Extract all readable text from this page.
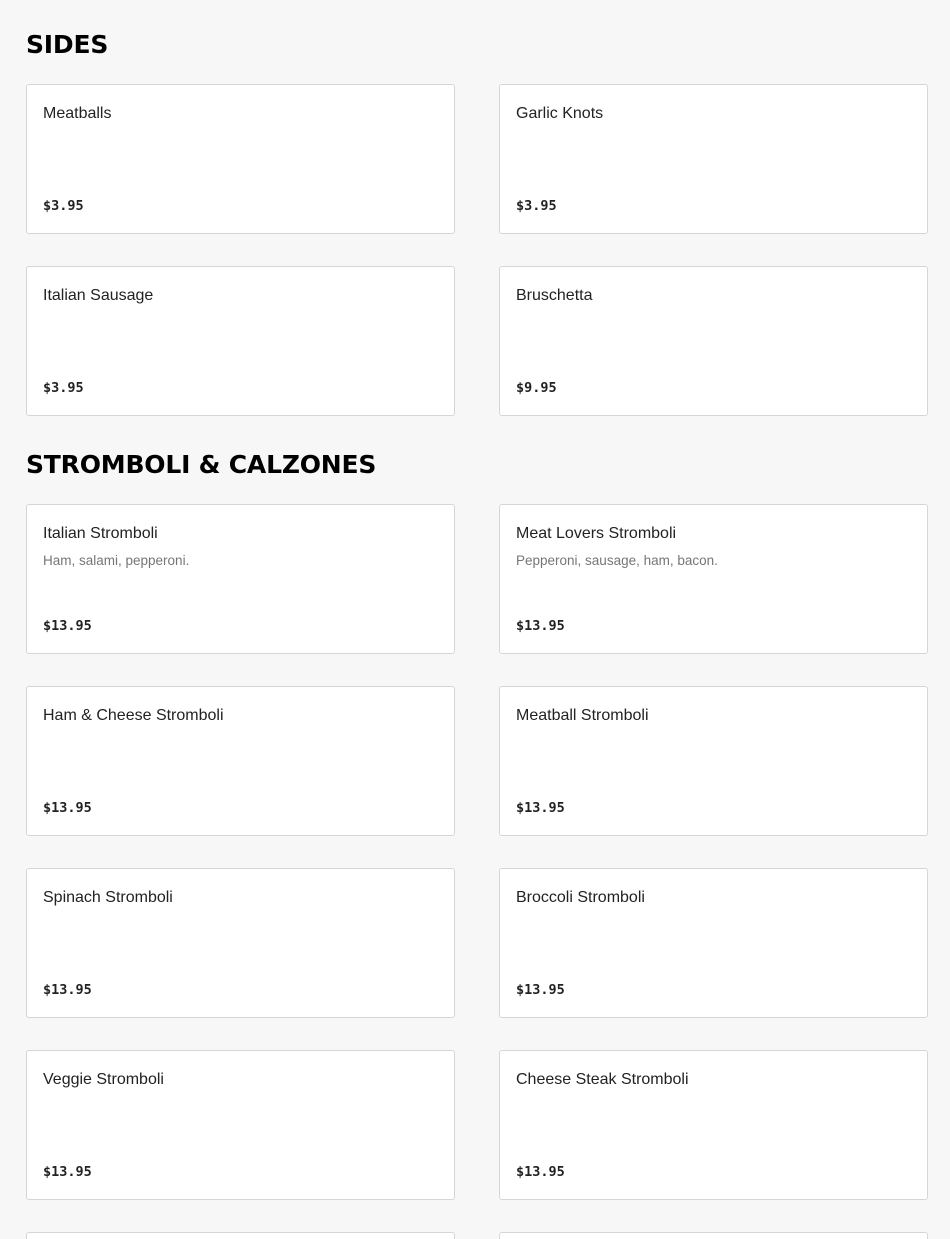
SIDES
Meatballs
$3.95
Garlic Knots
$3.95
Italian Sausage
$3.95
Bruschetta
$9.95
STROMBOLI & CALZONES
Italian Stromboli
Ham, salami, pepperoni.
$13.95
Meat Lovers Stromboli
Pepperoni, sausage, ham, bacon.
$13.95
Ham & Cheese Stromboli
$13.95
Meatball Stromboli
$13.95
Spinach Stromboli
$13.95
Broccoli Stromboli
$13.95
Veggie Stromboli
$13.95
Cheese Steak Stromboli
$13.95
